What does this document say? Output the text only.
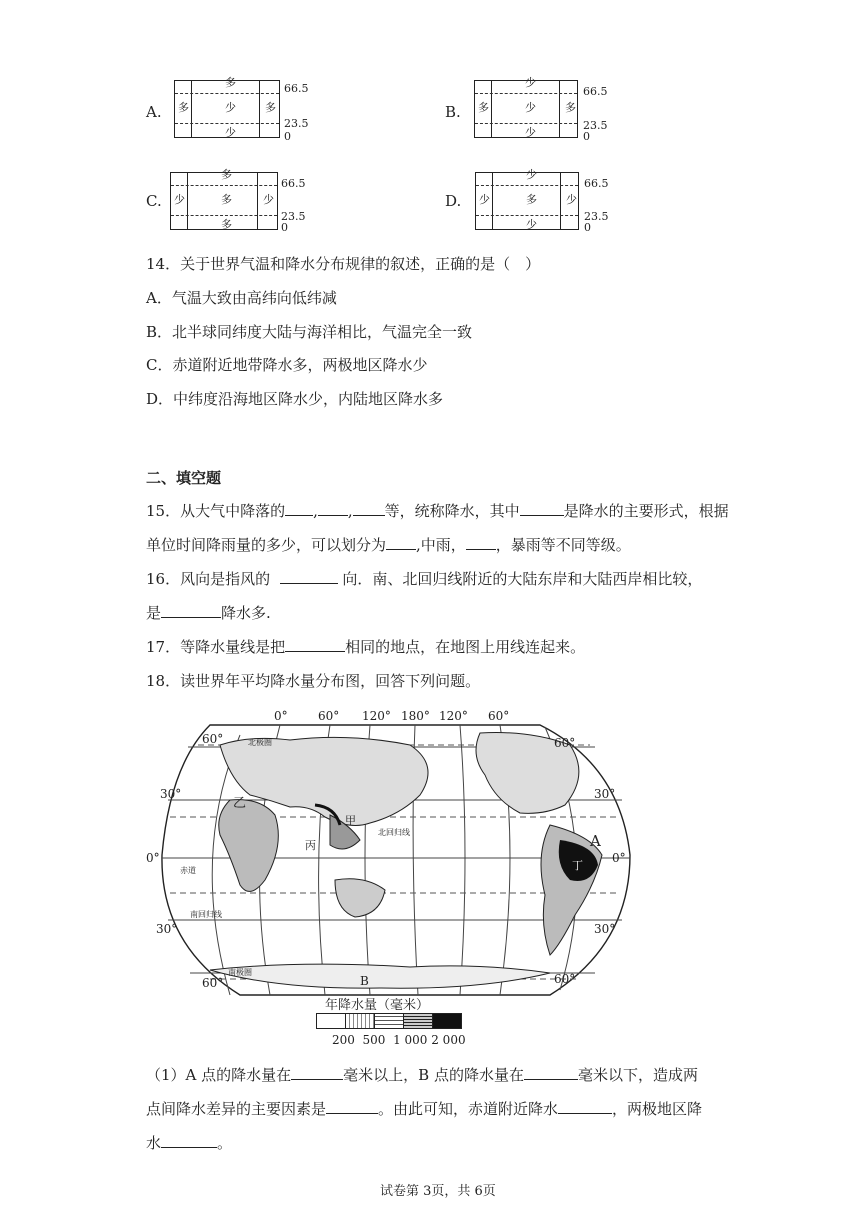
A.
多
多	少	多
少
66.5
23.5
0
B.
少
多	少	多
少
66.5
23.5
0
C.
多
少	多	少
多
66.5
23.5
0
D.
少
少	多	少
少
66.5
23.5
0
14．关于世界气温和降水分布规律的叙述，正确的是（　）
A．气温大致由高纬向低纬减
B．北半球同纬度大陆与海洋相比，气温完全一致
C．赤道附近地带降水多，两极地区降水少
D．中纬度沿海地区降水少，内陆地区降水多
二、填空题
15．从大气中降落的 , , 等，统称降水，其中	是降水的主要形式，根据
单位时间降雨量的多少，可以划分为 ,中雨， ，暴雨等不同等级。
16．风向是指风的	向．南、北回归线附近的大陆东岸和大陆西岸相比较，
是	降水多.
17．等降水量线是把	相同的地点，在地图上用线连起来。
18．读世界年平均降水量分布图，回答下列问题。
0°	60° 120° 180° 120° 60°
60°
30°
0°
30°
60°
60°
30°
0°
30°
60°
北极圈
北回归线
赤道
南回归线
南极圈
乙
丙
甲
丁
A
B
年降水量（毫米）
200  500  1 000 2 000
（1）A 点的降水量在	毫米以上，B 点的降水量在	毫米以下，造成两
点间降水差异的主要因素是	。由此可知，赤道附近降水	，两极地区降
水	。
试卷第 3页，共 6页
